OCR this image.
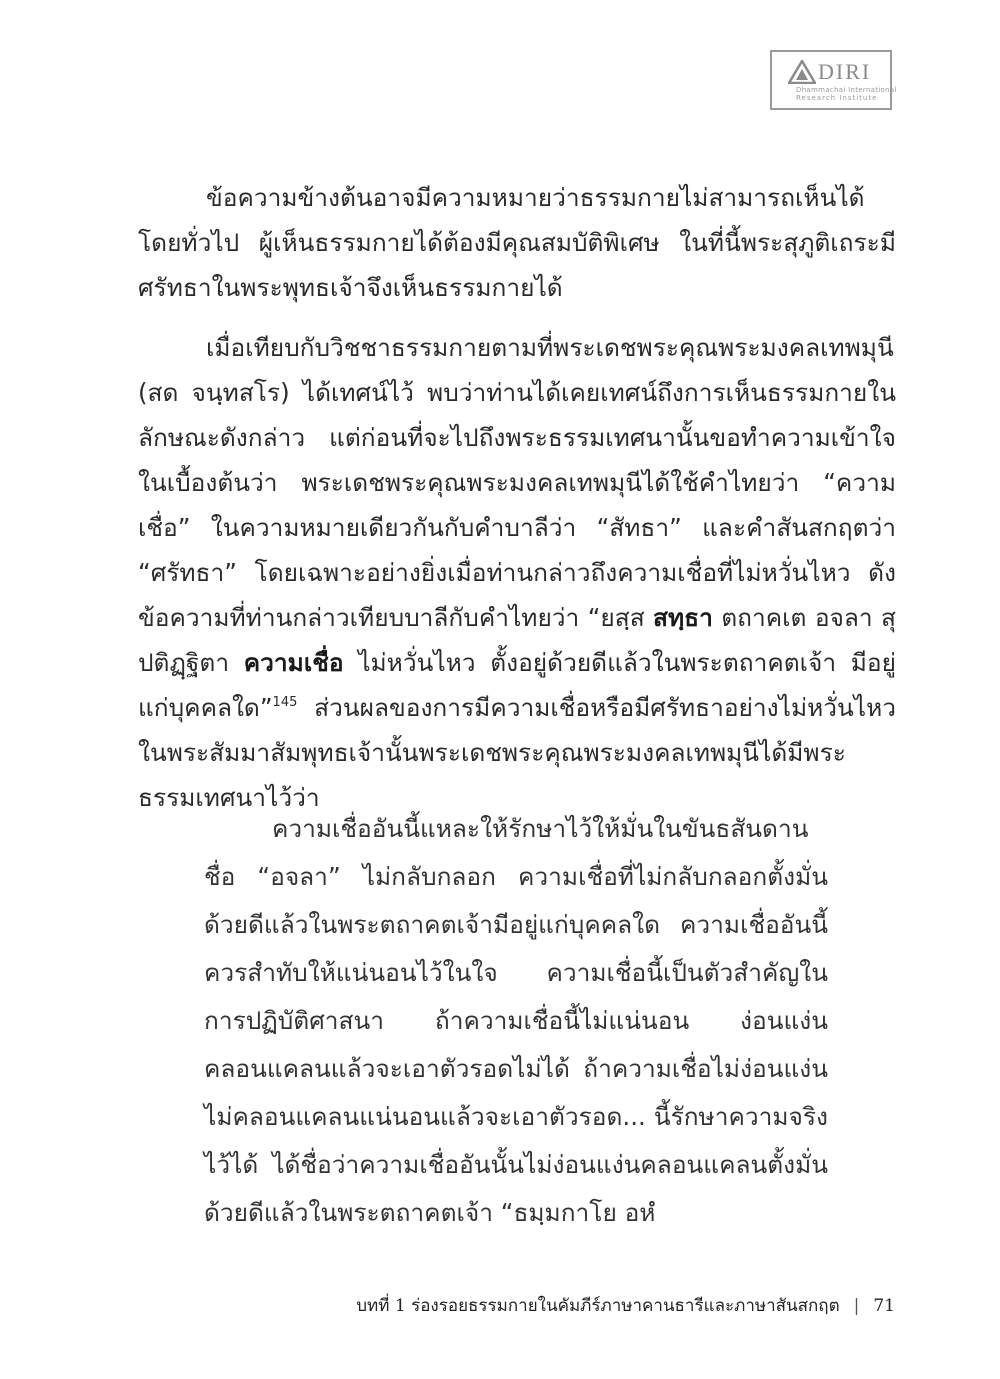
DIRI
Dhammachai International
Research Institute

ข้อความข้างต้นอาจมีความหมายว่าธรรมกายไม่สามารถเห็นได้โดยทั่วไป ผู้เห็นธรรมกายได้ต้องมีคุณสมบัติพิเศษ ในที่นี้พระสุภูติเถระมีศรัทธาในพระพุทธเจ้าจึงเห็นธรรมกายได้

เมื่อเทียบกับวิชชาธรรมกายตามที่พระเดชพระคุณพระมงคลเทพมุนี (สด จนฺทสโร) ได้เทศน์ไว้ พบว่าท่านได้เคยเทศน์ถึงการเห็นธรรมกายในลักษณะดังกล่าว แต่ก่อนที่จะไปถึงพระธรรมเทศนานั้นขอทำความเข้าใจในเบื้องต้นว่า พระเดชพระคุณพระมงคลเทพมุนีได้ใช้คำไทยว่า “ความเชื่อ” ในความหมายเดียวกันกับคำบาลีว่า “สัทธา” และคำสันสกฤตว่า “ศรัทธา” โดยเฉพาะอย่างยิ่งเมื่อท่านกล่าวถึงความเชื่อที่ไม่หวั่นไหว ดังข้อความที่ท่านกล่าวเทียบบาลีกับคำไทยว่า “ยสฺส สทฺธา ตถาคเต อจลา สุปติฏฺฐิตา ความเชื่อ ไม่หวั่นไหว ตั้งอยู่ด้วยดีแล้วในพระตถาคตเจ้า มีอยู่แก่บุคคลใด”$^{145}$ ส่วนผลของการมีความเชื่อหรือมีศรัทธาอย่างไม่หวั่นไหวในพระสัมมาสัมพุทธเจ้านั้นพระเดชพระคุณพระมงคลเทพมุนีได้มีพระธรรมเทศนาไว้ว่า

ความเชื่ออันนี้แหละให้รักษาไว้ให้มั่นในขันธสันดาน ชื่อ “อจลา” ไม่กลับกลอก ความเชื่อที่ไม่กลับกลอกตั้งมั่นด้วยดีแล้วในพระตถาคตเจ้ามีอยู่แก่บุคคลใด ความเชื่ออันนี้ควรสำทับให้แน่นอนไว้ในใจ ความเชื่อนี้เป็นตัวสำคัญในการปฏิบัติศาสนา ถ้าความเชื่อนี้ไม่แน่นอน ง่อนแง่นคลอนแคลนแล้วจะเอาตัวรอดไม่ได้ ถ้าความเชื่อไม่ง่อนแง่นไม่คลอนแคลนแน่นอนแล้วจะเอาตัวรอด... นี้รักษาความจริงไว้ได้ ได้ชื่อว่าความเชื่ออันนั้นไม่ง่อนแง่นคลอนแคลนตั้งมั่นด้วยดีแล้วในพระตถาคตเจ้า “ธมฺมกาโย อหํ

บทที่ 1 ร่องรอยธรรมกายในคัมภีร์ภาษาคานธารีและภาษาสันสกฤต | 71
